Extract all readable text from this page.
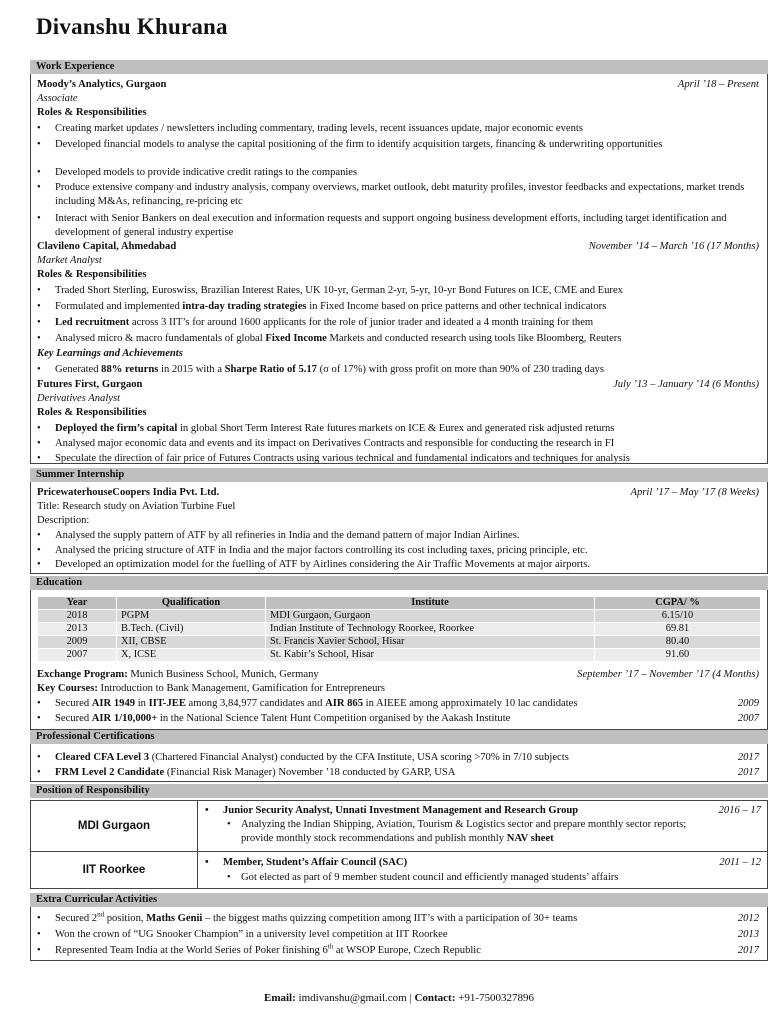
Divanshu Khurana
Work Experience
Moody’s Analytics, Gurgaon	April ’18 – Present
Associate
Roles & Responsibilities
• Creating market updates / newsletters including commentary, trading levels, recent issuances update, major economic events
• Developed financial models to analyse the capital positioning of the firm to identify acquisition targets, financing & underwriting opportunities
• Developed models to provide indicative credit ratings to the companies
• Produce extensive company and industry analysis, company overviews, market outlook, debt maturity profiles, investor feedbacks and expectations, market trends including M&As, refinancing, re-pricing etc
• Interact with Senior Bankers on deal execution and information requests and support ongoing business development efforts, including target identification and development of general industry expertise
Clavileno Capital, Ahmedabad	November ’14 – March ’16 (17 Months)
Market Analyst
Roles & Responsibilities
• Traded Short Sterling, Euroswiss, Brazilian Interest Rates, UK 10-yr, German 2-yr, 5-yr, 10-yr Bond Futures on ICE, CME and Eurex
• Formulated and implemented intra-day trading strategies in Fixed Income based on price patterns and other technical indicators
• Led recruitment across 3 IIT’s for around 1600 applicants for the role of junior trader and ideated a 4 month training for them
• Analysed micro & macro fundamentals of global Fixed Income Markets and conducted research using tools like Bloomberg, Reuters
Key Learnings and Achievements
• Generated 88% returns in 2015 with a Sharpe Ratio of 5.17 (σ of 17%) with gross profit on more than 90% of 230 trading days
Futures First, Gurgaon	July ’13 – January ’14 (6 Months)
Derivatives Analyst
Roles & Responsibilities
• Deployed the firm’s capital in global Short Term Interest Rate futures markets on ICE & Eurex and generated risk adjusted returns
• Analysed major economic data and events and its impact on Derivatives Contracts and responsible for conducting the research in FI
• Speculate the direction of fair price of Futures Contracts using various technical and fundamental indicators and techniques for analysis
Summer Internship
PricewaterhouseCoopers India Pvt. Ltd.	April ’17 – May ’17 (8 Weeks)
Title: Research study on Aviation Turbine Fuel
Description:
• Analysed the supply pattern of ATF by all refineries in India and the demand pattern of major Indian Airlines.
• Analysed the pricing structure of ATF in India and the major factors controlling its cost including taxes, pricing principle, etc.
• Developed an optimization model for the fuelling of ATF by Airlines considering the Air Traffic Movements at major airports.
Education
Year	Qualification	Institute	CGPA/ %
2018	PGPM	MDI Gurgaon, Gurgaon	6.15/10
2013	B.Tech. (Civil)	Indian Institute of Technology Roorkee, Roorkee	69.81
2009	XII, CBSE	St. Francis Xavier School, Hisar	80.40
2007	X, ICSE	St. Kabir’s School, Hisar	91.60
Exchange Program: Munich Business School, Munich, Germany	September ’17 – November ’17 (4 Months)
Key Courses: Introduction to Bank Management, Gamification for Entrepreneurs
• Secured AIR 1949 in IIT-JEE among 3,84,977 candidates and AIR 865 in AIEEE among approximately 10 lac candidates	2009
• Secured AIR 1/10,000+ in the National Science Talent Hunt Competition organised by the Aakash Institute	2007
Professional Certifications
• Cleared CFA Level 3 (Chartered Financial Analyst) conducted by the CFA Institute, USA scoring >70% in 7/10 subjects	2017
• FRM Level 2 Candidate (Financial Risk Manager) November ’18 conducted by GARP, USA	2017
Position of Responsibility
MDI Gurgaon
• Junior Security Analyst, Unnati Investment Management and Research Group	2016 – 17
• Analyzing the Indian Shipping, Aviation, Tourism & Logistics sector and prepare monthly sector reports; provide monthly stock recommendations and publish monthly NAV sheet
IIT Roorkee
• Member, Student’s Affair Council (SAC)	2011 – 12
• Got elected as part of 9 member student council and efficiently managed students’ affairs
Extra Curricular Activities
• Secured 2nd position, Maths Genii – the biggest maths quizzing competition among IIT’s with a participation of 30+ teams	2012
• Won the crown of “UG Snooker Champion” in a university level competition at IIT Roorkee	2013
• Represented Team India at the World Series of Poker finishing 6th at WSOP Europe, Czech Republic	2017
Email: imdivanshu@gmail.com | Contact: +91-7500327896
